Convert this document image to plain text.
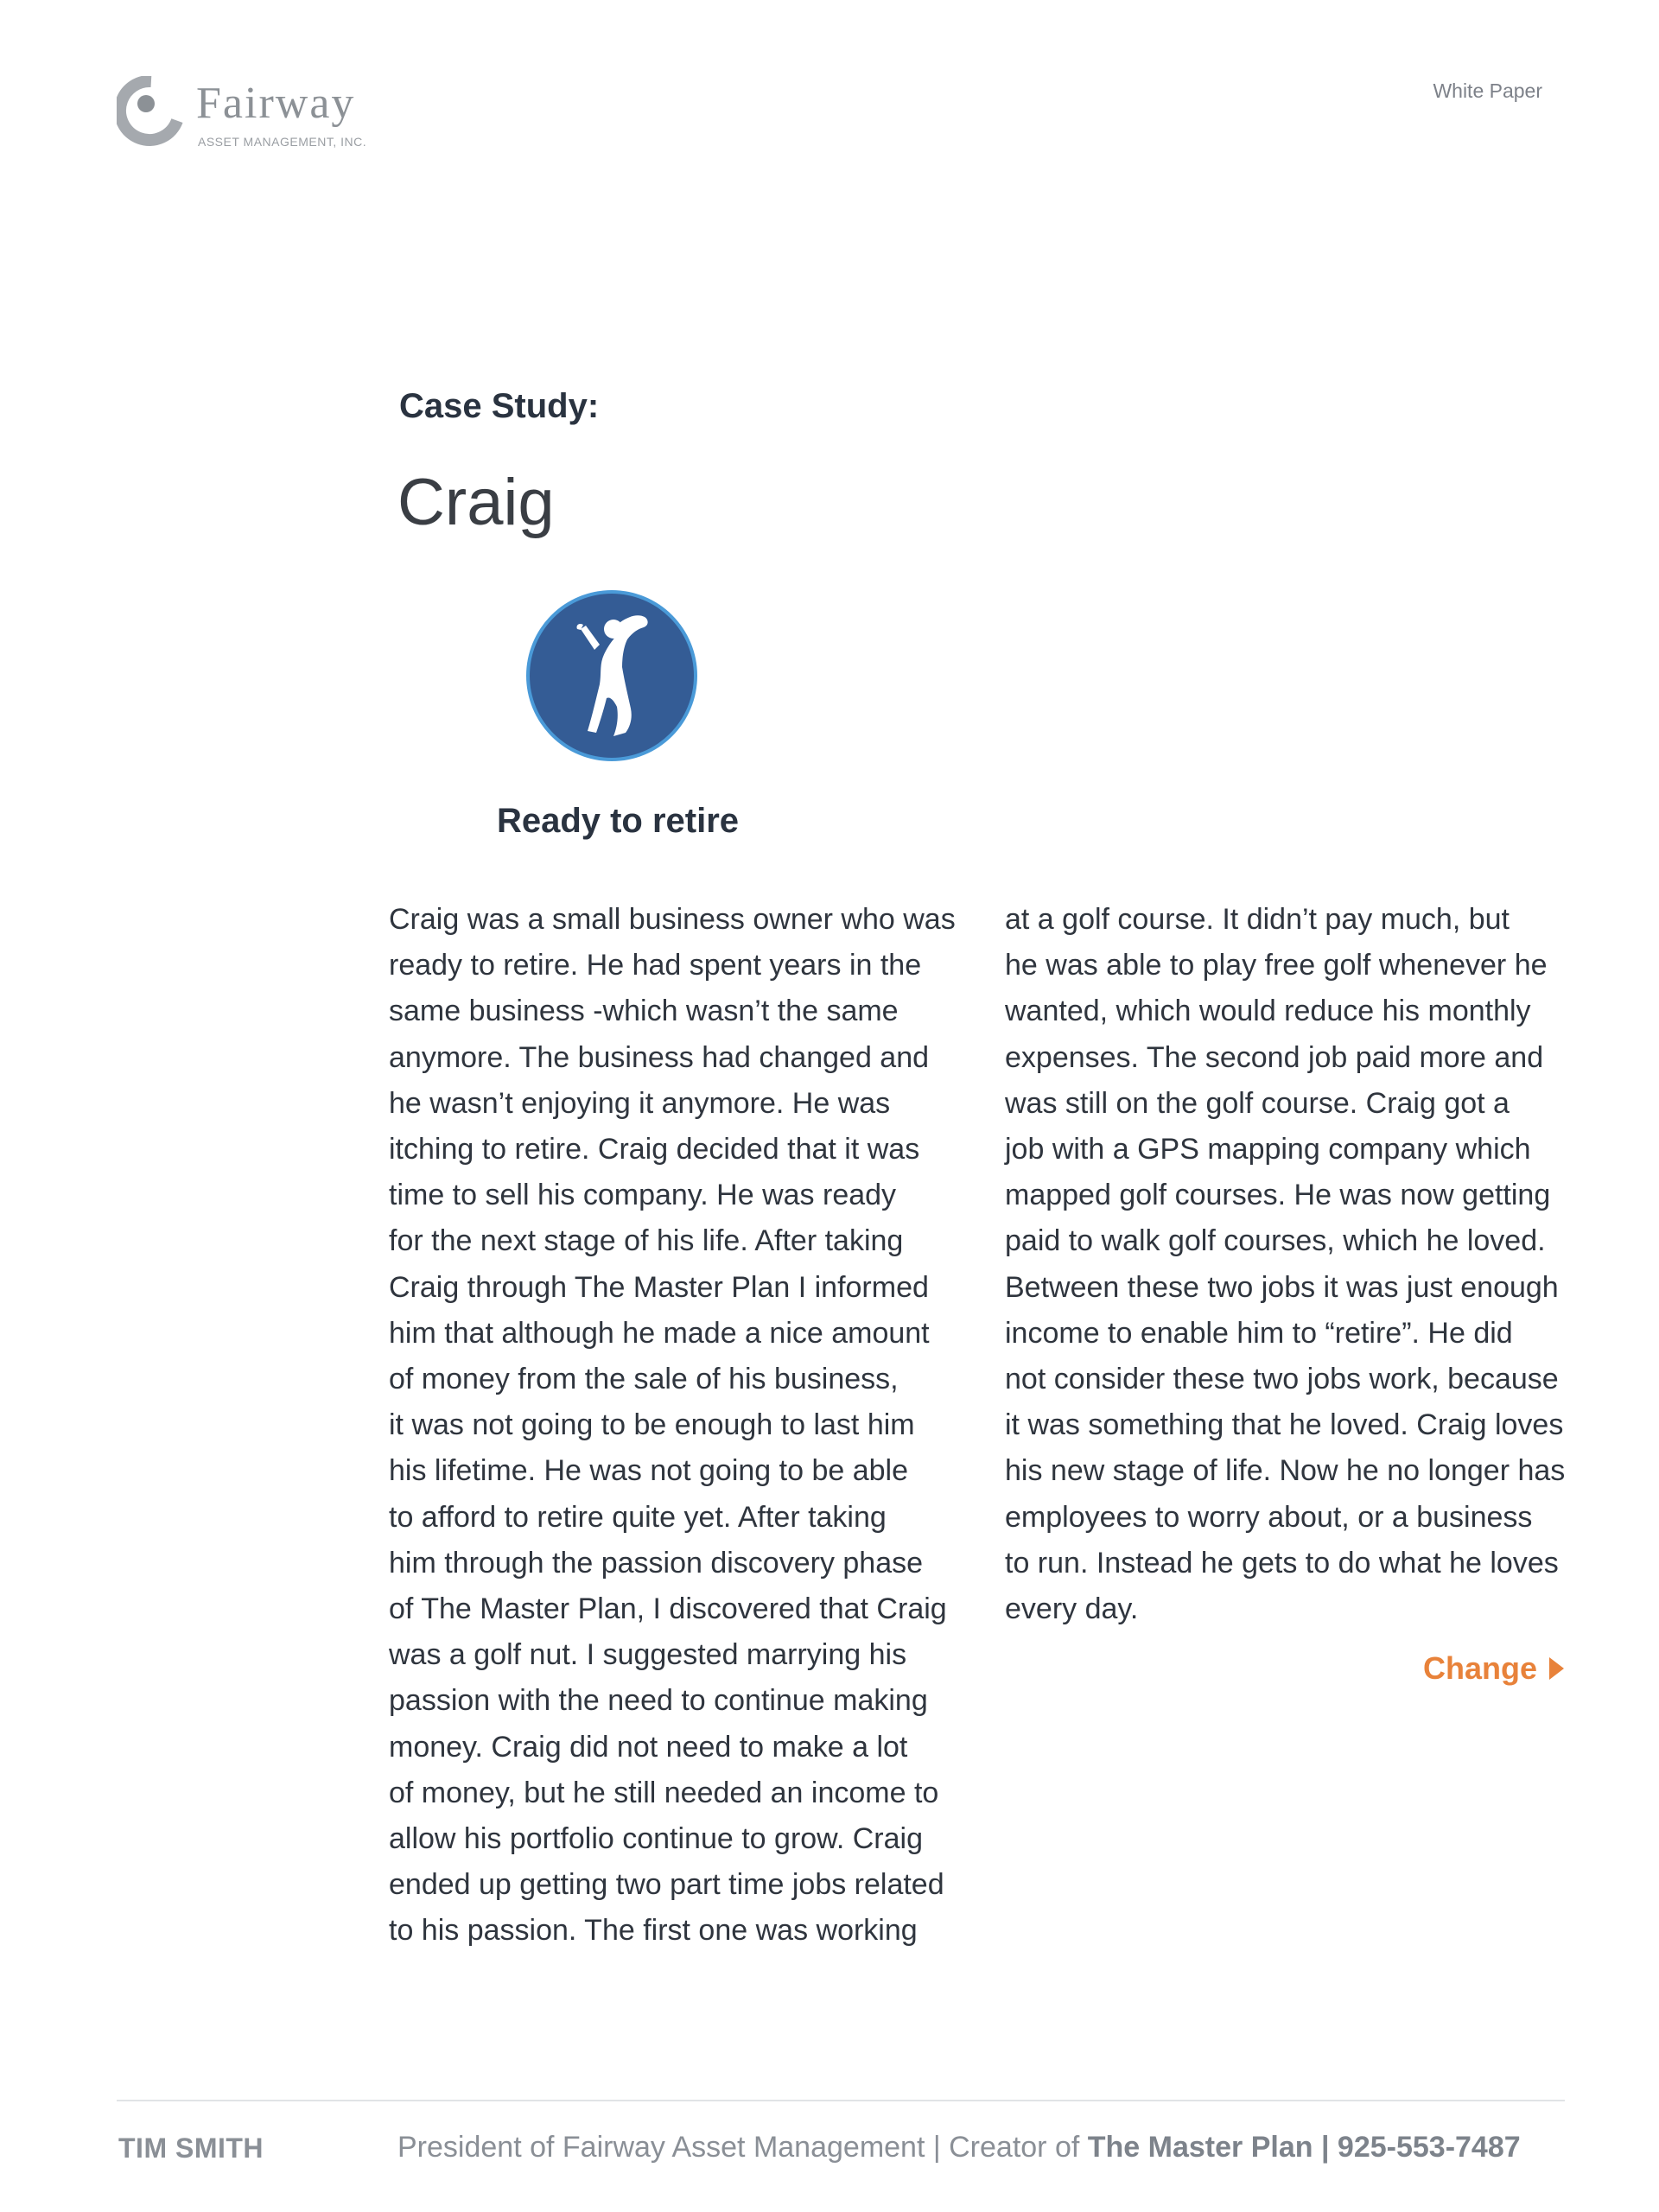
Fairway
ASSET MANAGEMENT, INC.

White Paper

Case Study:
Craig
Ready to retire

Craig was a small business owner who was
ready to retire. He had spent years in the
same business -which wasn’t the same
anymore. The business had changed and
he wasn’t enjoying it anymore. He was
itching to retire. Craig decided that it was
time to sell his company. He was ready
for the next stage of his life. After taking
Craig through The Master Plan I informed
him that although he made a nice amount
of money from the sale of his business,
it was not going to be enough to last him
his lifetime. He was not going to be able
to afford to retire quite yet. After taking
him through the passion discovery phase
of The Master Plan, I discovered that Craig
was a golf nut. I suggested marrying his
passion with the need to continue making
money. Craig did not need to make a lot
of money, but he still needed an income to
allow his portfolio continue to grow. Craig
ended up getting two part time jobs related
to his passion. The first one was working

at a golf course. It didn’t pay much, but
he was able to play free golf whenever he
wanted, which would reduce his monthly
expenses. The second job paid more and
was still on the golf course. Craig got a
job with a GPS mapping company which
mapped golf courses. He was now getting
paid to walk golf courses, which he loved.
Between these two jobs it was just enough
income to enable him to “retire”. He did
not consider these two jobs work, because
it was something that he loved. Craig loves
his new stage of life. Now he no longer has
employees to worry about, or a business
to run. Instead he gets to do what he loves
every day.

Change

TIM SMITH	President of Fairway Asset Management | Creator of The Master Plan | 925-553-7487
